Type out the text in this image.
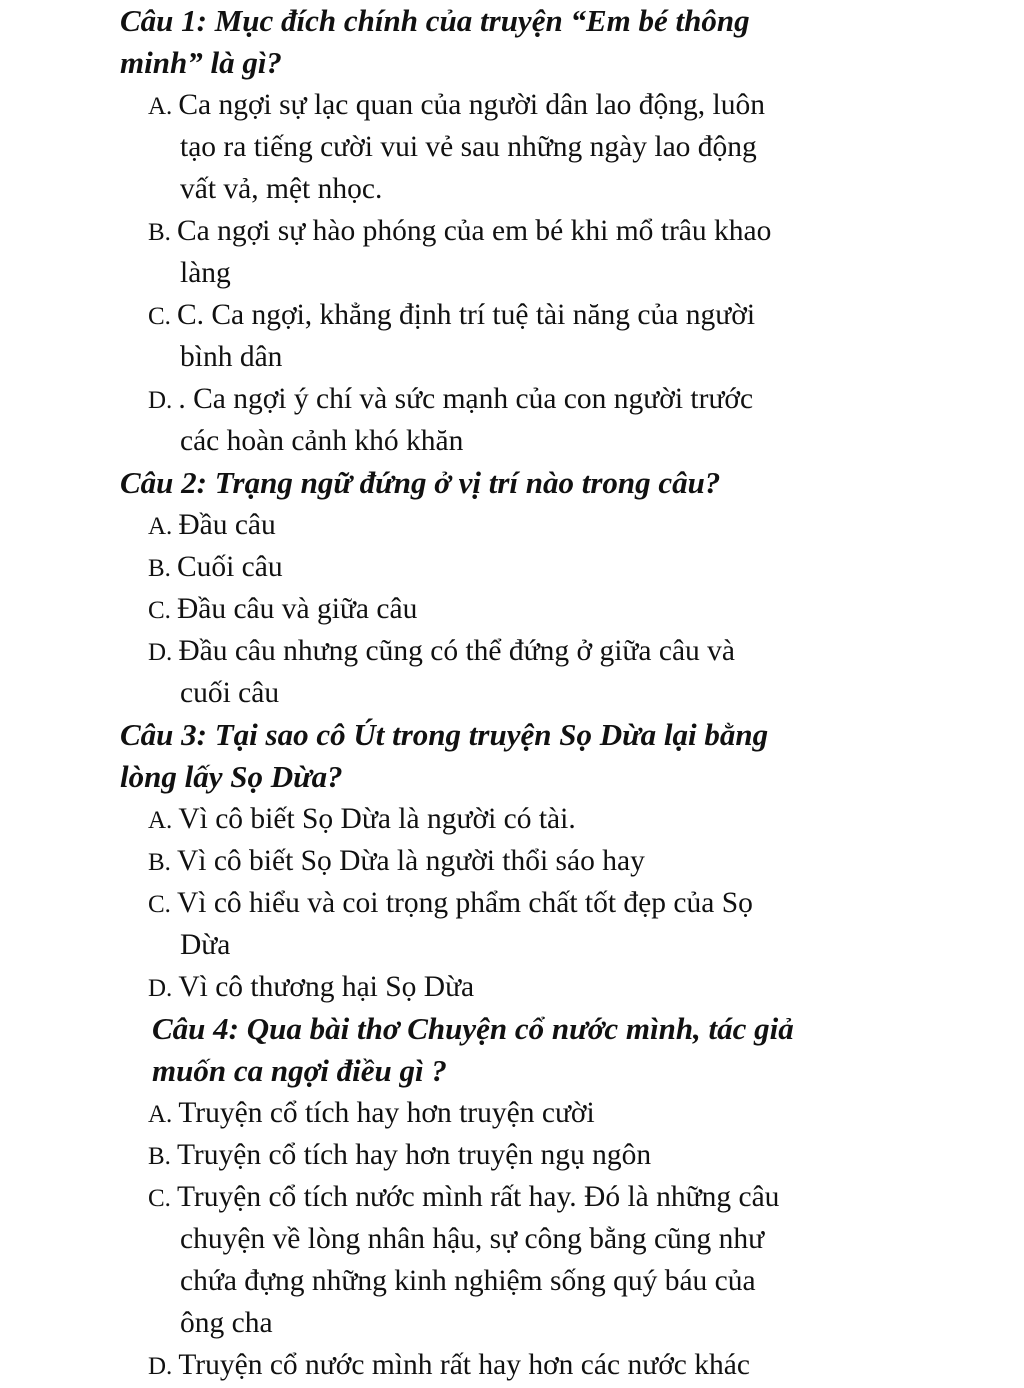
Câu 1: Mục đích chính của truyện “Em bé thông
minh” là gì?
A. Ca ngợi sự lạc quan của người dân lao động, luôn
tạo ra tiếng cười vui vẻ sau những ngày lao động
vất vả, mệt nhọc.
B. Ca ngợi sự hào phóng của em bé khi mổ trâu khao
làng
C. C. Ca ngợi, khẳng định trí tuệ tài năng của người
bình dân
D. . Ca ngợi ý chí và sức mạnh của con người trước
các hoàn cảnh khó khăn
Câu 2: Trạng ngữ đứng ở vị trí nào trong câu?
A. Đầu câu
B. Cuối câu
C. Đầu câu và giữa câu
D. Đầu câu nhưng cũng có thể đứng ở giữa câu và
cuối câu
Câu 3: Tại sao cô Út trong truyện Sọ Dừa lại bằng
lòng lấy Sọ Dừa?
A. Vì cô biết Sọ Dừa là người có tài.
B. Vì cô biết Sọ Dừa là người thổi sáo hay
C. Vì cô hiểu và coi trọng phẩm chất tốt đẹp của Sọ
Dừa
D. Vì cô thương hại Sọ Dừa
Câu 4: Qua bài thơ Chuyện cổ nước mình, tác giả
muốn ca ngợi điều gì ?
A. Truyện cổ tích hay hơn truyện cười
B. Truyện cổ tích hay hơn truyện ngụ ngôn
C. Truyện cổ tích nước mình rất hay. Đó là những câu
chuyện về lòng nhân hậu, sự công bằng cũng như
chứa đựng những kinh nghiệm sống quý báu của
ông cha
D. Truyện cổ nước mình rất hay hơn các nước khác
